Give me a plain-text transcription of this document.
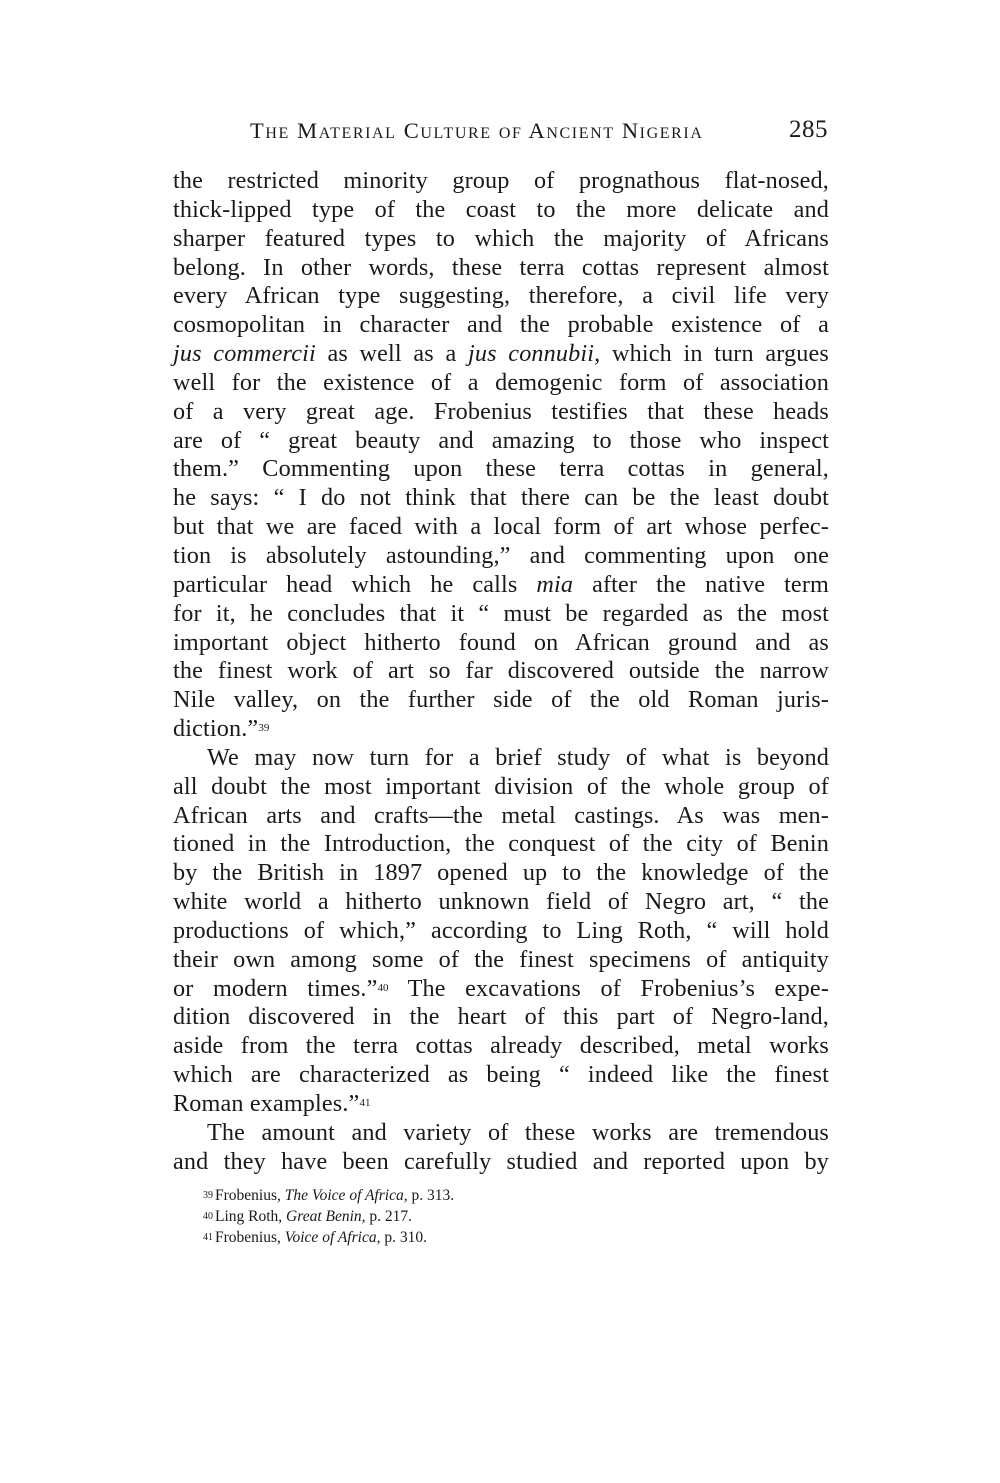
The Material Culture of Ancient Nigeria	285
the restricted minority group of prognathous flat-nosed,
thick-lipped type of the coast to the more delicate and
sharper featured types to which the majority of Africans
belong. In other words, these terra cottas represent almost
every African type suggesting, therefore, a civil life very
cosmopolitan in character and the probable existence of a
jus commercii as well as a jus connubii, which in turn argues
well for the existence of a demogenic form of association
of a very great age. Frobenius testifies that these heads
are of “ great beauty and amazing to those who inspect
them.” Commenting upon these terra cottas in general,
he says: “ I do not think that there can be the least doubt
but that we are faced with a local form of art whose perfec-
tion is absolutely astounding,” and commenting upon one
particular head which he calls mia after the native term
for it, he concludes that it “ must be regarded as the most
important object hitherto found on African ground and as
the finest work of art so far discovered outside the narrow
Nile valley, on the further side of the old Roman juris-
diction.”$^{39}$
We may now turn for a brief study of what is beyond
all doubt the most important division of the whole group of
African arts and crafts—the metal castings. As was men-
tioned in the Introduction, the conquest of the city of Benin
by the British in 1897 opened up to the knowledge of the
white world a hitherto unknown field of Negro art, “ the
productions of which,” according to Ling Roth, “ will hold
their own among some of the finest specimens of antiquity
or modern times.”$^{40}$ The excavations of Frobenius’s expe-
dition discovered in the heart of this part of Negro-land,
aside from the terra cottas already described, metal works
which are characterized as being “ indeed like the finest
Roman examples.”$^{41}$
The amount and variety of these works are tremendous
and they have been carefully studied and reported upon by
$^{39}$ Frobenius, The Voice of Africa, p. 313.
$^{40}$ Ling Roth, Great Benin, p. 217.
$^{41}$ Frobenius, Voice of Africa, p. 310.
